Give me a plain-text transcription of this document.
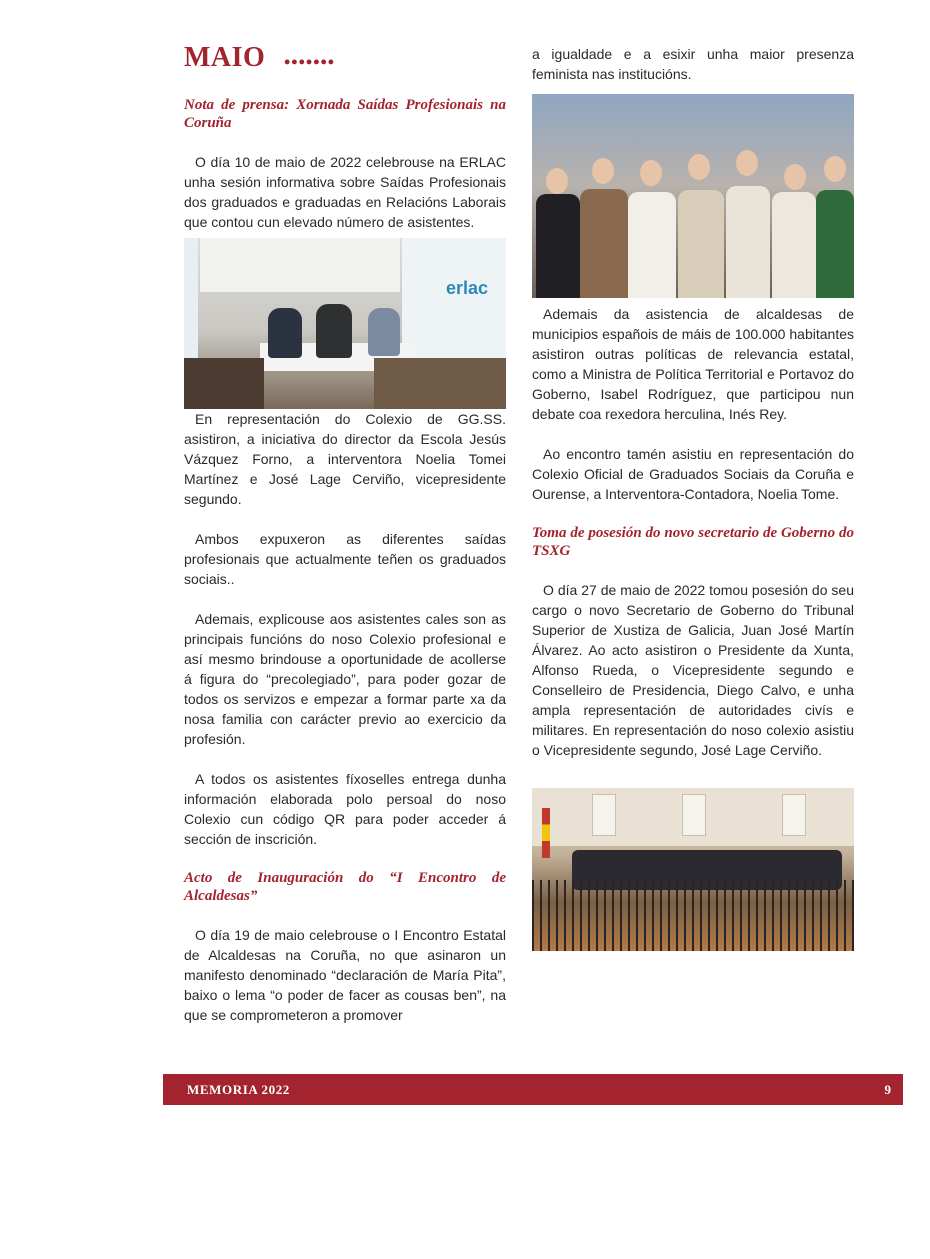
MAIO •••••••
Nota de prensa: Xornada Saídas Profesionais na Coruña

O día 10 de maio de 2022 celebrouse na ERLAC unha sesión informativa sobre Saídas Profesionais dos graduados e graduadas en Relacións Laborais que contou cun elevado número de asistentes.

erlac

En representación do Colexio de GG.SS. asistiron, a iniciativa do director da Escola Jesús Vázquez Forno, a interventora Noelia Tomei Martínez e José Lage Cerviño, vicepresidente segundo.

Ambos expuxeron as diferentes saídas profesionais que actualmente teñen os graduados sociais..

Ademais, explicouse aos asistentes cales son as principais funcións do noso Colexio profesional e así mesmo brindouse a oportunidade de acollerse á figura do “precolegiado”, para poder gozar de todos os servizos e empezar a formar parte xa da nosa familia con carácter previo ao exercicio da profesión.

A todos os asistentes fíxoselles entrega dunha información elaborada polo persoal do noso Colexio cun código QR para poder acceder á sección de inscrición.

Acto de Inauguración do “I Encontro de Alcaldesas”

O día 19 de maio celebrouse o I Encontro Estatal de Alcaldesas na Coruña, no que asinaron un manifesto denominado “declaración de María Pita”, baixo o lema “o poder de facer as cousas ben”, na que se comprometeron a promover

a igualdade e a esixir unha maior presenza feminista nas institucións.

Ademais da asistencia de alcaldesas de municipios españois de máis de 100.000 habitantes asistiron outras políticas de relevancia estatal, como a Ministra de Política Territorial e Portavoz do Goberno, Isabel Rodríguez, que participou nun debate coa rexedora herculina, Inés Rey.

Ao encontro tamén asistiu en representación do Colexio Oficial de Graduados Sociais da Coruña e Ourense, a Interventora-Contadora, Noelia Tome.

Toma de posesión do novo secretario de Goberno do TSXG

O día 27 de maio de 2022 tomou posesión do seu cargo o novo Secretario de Goberno do Tribunal Superior de Xustiza de Galicia, Juan José Martín Álvarez. Ao acto asistiron o Presidente da Xunta, Alfonso Rueda, o Vicepresidente segundo e Conselleiro de Presidencia, Diego Calvo, e unha ampla representación de autoridades civís e militares. En representación do noso colexio asistiu o Vicepresidente segundo, José Lage Cerviño.

MEMORIA 2022	9
